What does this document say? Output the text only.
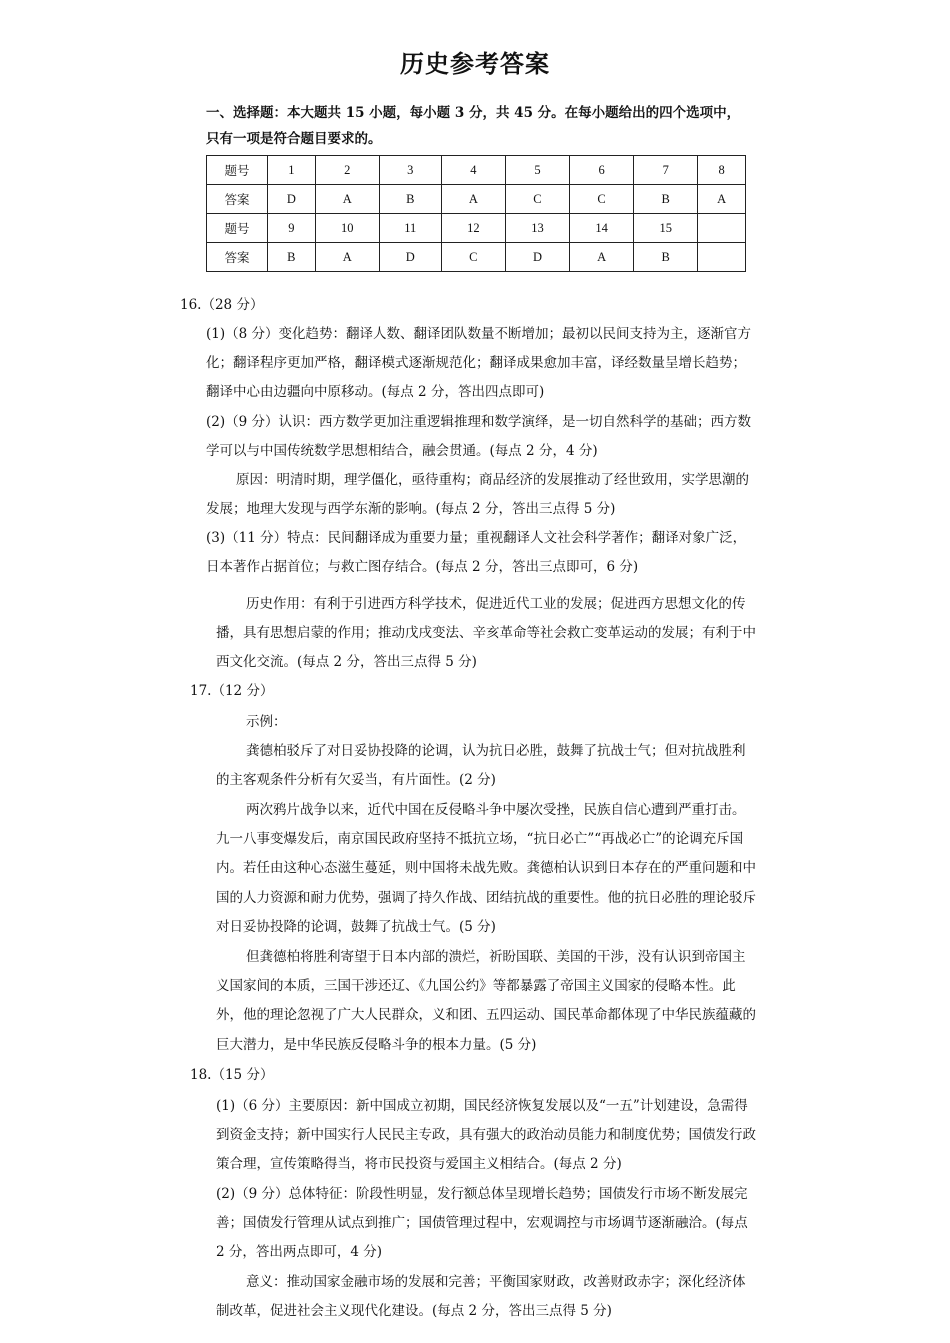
历史参考答案
一、选择题：本大题共 15 小题，每小题 3 分，共 45 分。在每小题给出的四个选项中，只有一项是符合题目要求的。
题号	1	2	3	4	5	6	7	8
答案	D	A	B	A	C	C	B	A
题号	9	10	11	12	13	14	15	
答案	B	A	D	C	D	A	B	
16.（28 分）
(1)（8 分）变化趋势：翻译人数、翻译团队数量不断增加；最初以民间支持为主，逐渐官方化；翻译程序更加严格，翻译模式逐渐规范化；翻译成果愈加丰富，译经数量呈增长趋势；翻译中心由边疆向中原移动。(每点 2 分，答出四点即可)
(2)（9 分）认识：西方数学更加注重逻辑推理和数学演绎，是一切自然科学的基础；西方数学可以与中国传统数学思想相结合，融会贯通。(每点 2 分，4 分)
原因：明清时期，理学僵化，亟待重构；商品经济的发展推动了经世致用，实学思潮的发展；地理大发现与西学东渐的影响。(每点 2 分，答出三点得 5 分)
(3)（11 分）特点：民间翻译成为重要力量；重视翻译人文社会科学著作；翻译对象广泛，日本著作占据首位；与救亡图存结合。(每点 2 分，答出三点即可，6 分)
历史作用：有利于引进西方科学技术，促进近代工业的发展；促进西方思想文化的传播，具有思想启蒙的作用；推动戊戌变法、辛亥革命等社会救亡变革运动的发展；有利于中西文化交流。(每点 2 分，答出三点得 5 分)
17.（12 分）
示例：
龚德柏驳斥了对日妥协投降的论调，认为抗日必胜，鼓舞了抗战士气；但对抗战胜利的主客观条件分析有欠妥当，有片面性。(2 分)
两次鸦片战争以来，近代中国在反侵略斗争中屡次受挫，民族自信心遭到严重打击。九一八事变爆发后，南京国民政府坚持不抵抗立场，“抗日必亡”“再战必亡”的论调充斥国内。若任由这种心态滋生蔓延，则中国将未战先败。龚德柏认识到日本存在的严重问题和中国的人力资源和耐力优势，强调了持久作战、团结抗战的重要性。他的抗日必胜的理论驳斥对日妥协投降的论调，鼓舞了抗战士气。(5 分)
但龚德柏将胜利寄望于日本内部的溃烂，祈盼国联、美国的干涉，没有认识到帝国主义国家间的本质，三国干涉还辽、《九国公约》等都暴露了帝国主义国家的侵略本性。此外，他的理论忽视了广大人民群众，义和团、五四运动、国民革命都体现了中华民族蕴藏的巨大潜力，是中华民族反侵略斗争的根本力量。(5 分)
18.（15 分）
(1)（6 分）主要原因：新中国成立初期，国民经济恢复发展以及“一五”计划建设，急需得到资金支持；新中国实行人民民主专政，具有强大的政治动员能力和制度优势；国债发行政策合理，宣传策略得当，将市民投资与爱国主义相结合。(每点 2 分)
(2)（9 分）总体特征：阶段性明显，发行额总体呈现增长趋势；国债发行市场不断发展完善；国债发行管理从试点到推广；国债管理过程中，宏观调控与市场调节逐渐融洽。(每点 2 分，答出两点即可，4 分)
意义：推动国家金融市场的发展和完善；平衡国家财政，改善财政赤字；深化经济体制改革，促进社会主义现代化建设。(每点 2 分，答出三点得 5 分)
